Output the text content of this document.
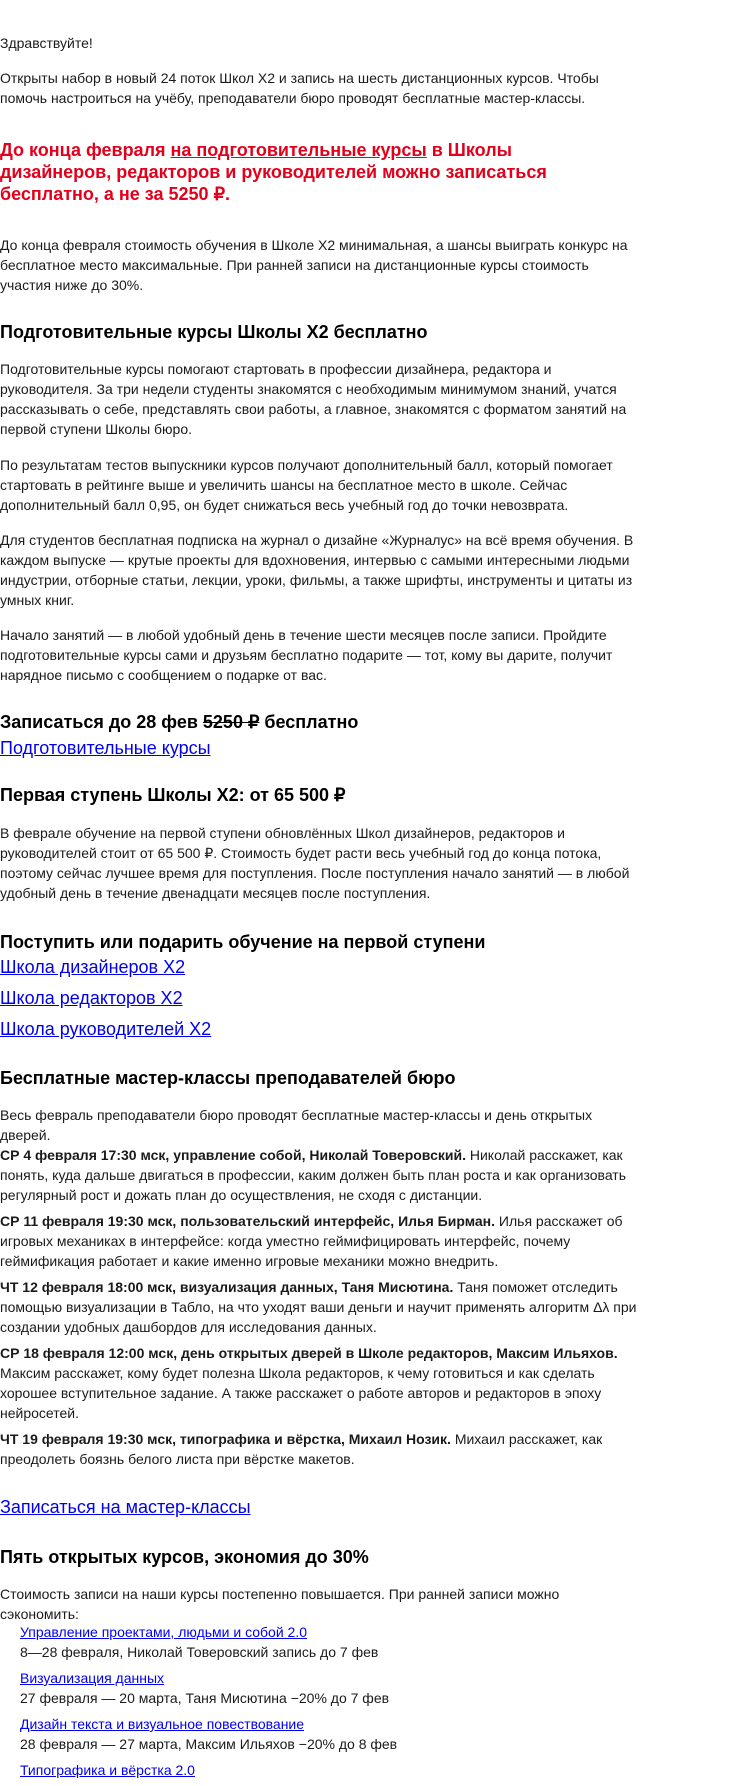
Здравствуйте!

Открыты набор в новый 24 поток Школ Х2 и запись на шесть дистанционных курсов. Чтобы помочь настроиться на учёбу, преподаватели бюро проводят бесплатные мастер-классы.

До конца февраля на подготовительные курсы в Школы дизайнеров, редакторов и руководителей можно записаться бесплатно, а не за 5250 ₽.

До конца февраля стоимость обучения в Школе Х2 минимальная, а шансы выиграть конкурс на бесплатное место максимальные. При ранней записи на дистанционные курсы стоимость участия ниже до 30%.

Подготовительные курсы Школы Х2 бесплатно

Подготовительные курсы помогают стартовать в профессии дизайнера, редактора и руководителя. За три недели студенты знакомятся с необходимым минимумом знаний, учатся рассказывать о себе, представлять свои работы, а главное, знакомятся с форматом занятий на первой ступени Школы бюро.

По результатам тестов выпускники курсов получают дополнительный балл, который помогает стартовать в рейтинге выше и увеличить шансы на бесплатное место в школе. Сейчас дополнительный балл 0,95, он будет снижаться весь учебный год до точки невозврата.

Для студентов бесплатная подписка на журнал о дизайне «Журналус» на всё время обучения. В каждом выпуске — крутые проекты для вдохновения, интервью с самыми интересными людьми индустрии, отборные статьи, лекции, уроки, фильмы, а также шрифты, инструменты и цитаты из умных книг.

Начало занятий — в любой удобный день в течение шести месяцев после записи. Пройдите подготовительные курсы сами и друзьям бесплатно подарите — тот, кому вы дарите, получит нарядное письмо с сообщением о подарке от вас.

Записаться до 28 фев 5250 ₽ бесплатно
Подготовительные курсы
Первая ступень Школы Х2: от 65 500 ₽

В феврале обучение на первой ступени обновлённых Школ дизайнеров, редакторов и руководителей стоит от 65 500 ₽. Стоимость будет расти весь учебный год до конца потока, поэтому сейчас лучшее время для поступления. После поступления начало занятий — в любой удобный день в течение двенадцати месяцев после поступления.

Поступить или подарить обучение на первой ступени
Школа дизайнеров Х2
Школа редакторов Х2
Школа руководителей Х2
Бесплатные мастер-классы преподавателей бюро

Весь февраль преподаватели бюро проводят бесплатные мастер-классы и день открытых дверей.

СР 4 февраля 17:30 мск, управление собой, Николай Товеровский. Николай расскажет, как понять, куда дальше двигаться в профессии, каким должен быть план роста и как организовать регулярный рост и дожать план до осуществления, не сходя с дистанции.

СР 11 февраля 19:30 мск, пользовательский интерфейс, Илья Бирман. Илья расскажет об игровых механиках в интерфейсе: когда уместно геймифицировать интерфейс, почему геймификация работает и какие именно игровые механики можно внедрить.

ЧТ 12 февраля 18:00 мск, визуализация данных, Таня Мисютина. Таня поможет отследить помощью визуализации в Табло, на что уходят ваши деньги и научит применять алгоритм Δλ при создании удобных дашбордов для исследования данных.

СР 18 февраля 12:00 мск, день открытых дверей в Школе редакторов, Максим Ильяхов. Максим расскажет, кому будет полезна Школа редакторов, к чему готовиться и как сделать хорошее вступительное задание. А также расскажет о работе авторов и редакторов в эпоху нейросетей.

ЧТ 19 февраля 19:30 мск, типографика и вёрстка, Михаил Нозик. Михаил расскажет, как преодолеть боязнь белого листа при вёрстке макетов.

Записаться на мастер-классы
Пять открытых курсов, экономия до 30%

Стоимость записи на наши курсы постепенно повышается. При ранней записи можно сэкономить:

Управление проектами, людьми и собой 2.0
8—28 февраля, Николай Товеровский запись до 7 фев
Визуализация данных
27 февраля — 20 марта, Таня Мисютина −20% до 7 фев
Дизайн текста и визуальное повествование
28 февраля — 27 марта, Максим Ильяхов −20% до 8 фев
Типографика и вёрстка 2.0
